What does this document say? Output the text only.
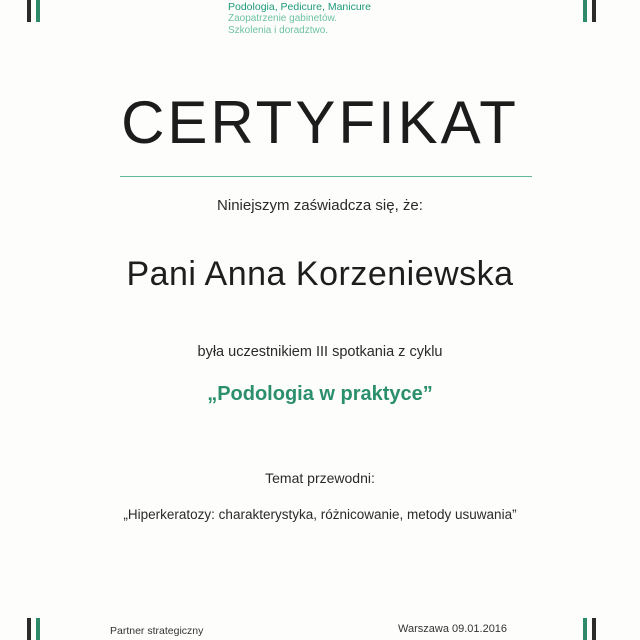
Podologia, Pedicure, Manicure
Zaopatrzenie gabinetów.
Szkolenia i doradztwo.
CERTYFIKAT
Niniejszym zaświadcza się, że:
Pani Anna Korzeniewska
była uczestnikiem III spotkania z cyklu
„Podologia w praktyce”
Temat przewodni:
„Hiperkeratozy: charakterystyka, różnicowanie, metody usuwania”
Partner strategiczny	Warszawa 09.01.2016
